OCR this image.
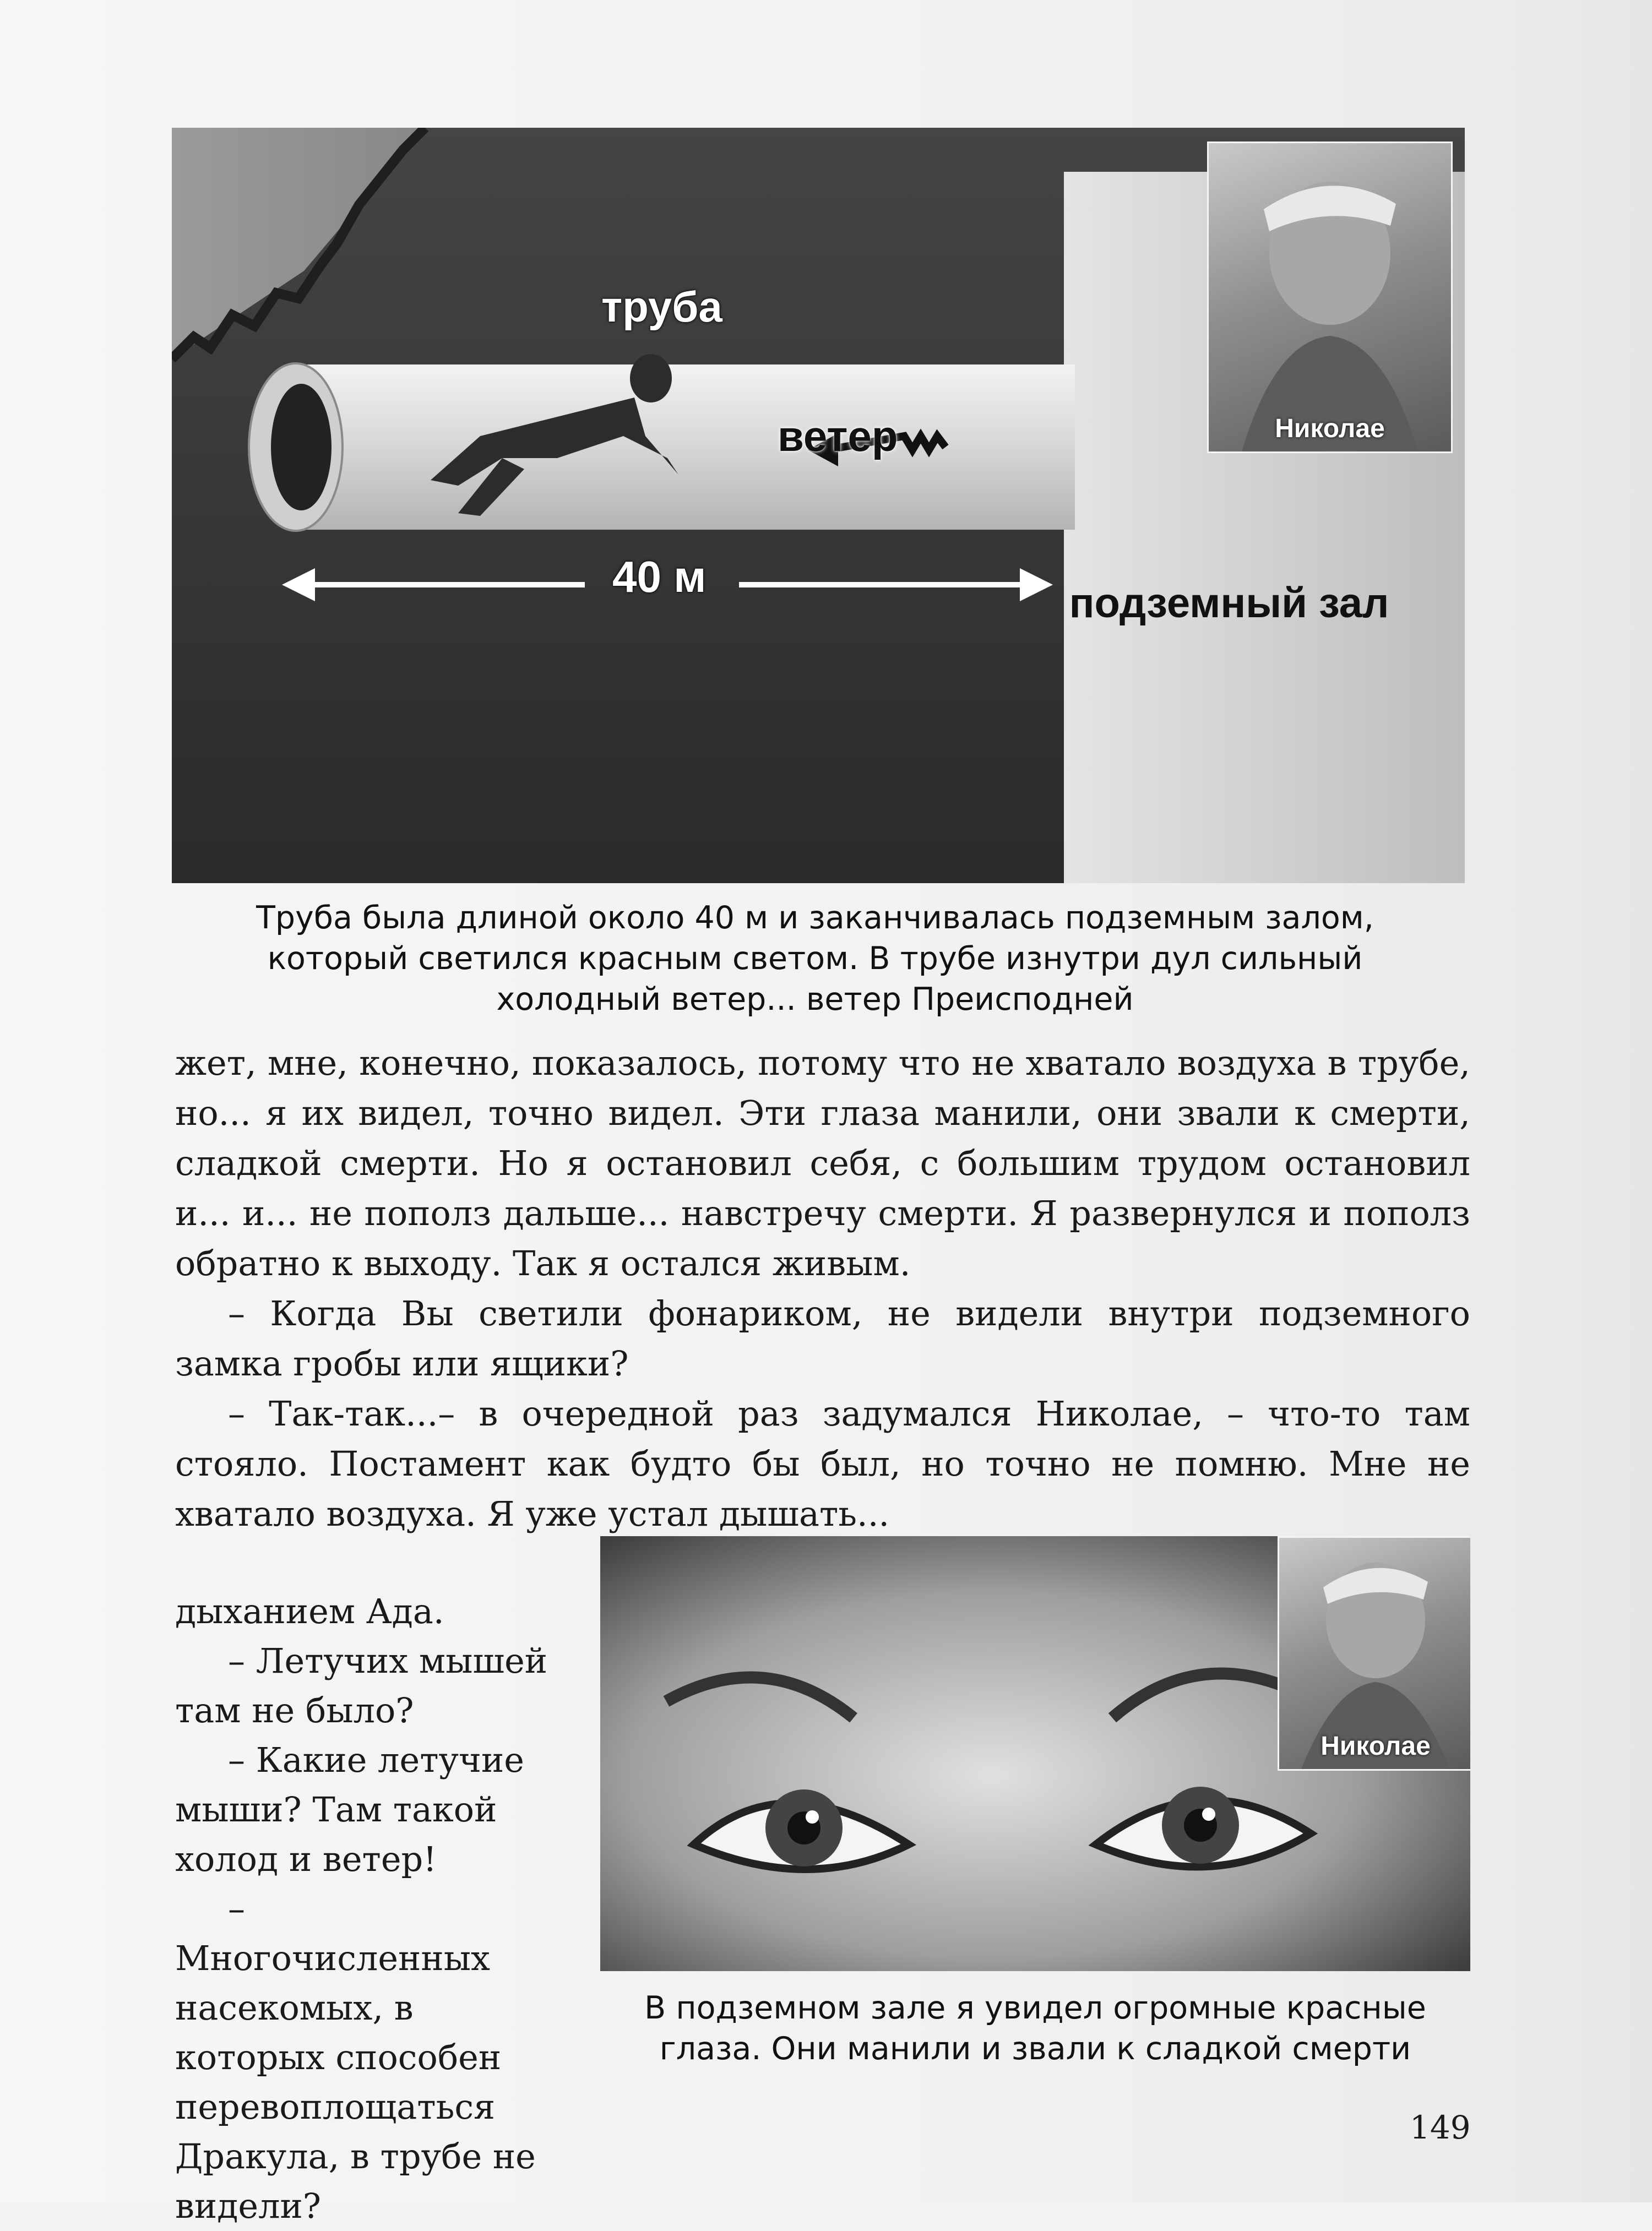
труба
ветер
40 м
подземный зал
Николае
Труба была длиной около 40 м и заканчивалась подземным залом, который светился красным светом. В трубе изнутри дул сильный холодный ветер... ветер Преисподней

жет, мне, конечно, показалось, потому что не хватало воздуха в трубе, но... я их видел, точно видел. Эти глаза манили, они звали к смерти, сладкой смерти. Но я остановил себя, с большим трудом остановил и... и... не пополз дальше... навстречу смерти. Я развернулся и пополз обратно к выходу. Так я остался живым.

– Когда Вы светили фонариком, не видели внутри подземного замка гробы или ящики?

– Так-так...– в очередной раз задумался Николае, – что-то там стояло. Постамент как будто бы был, но точно не помню. Мне не хватало воздуха. Я уже устал дышать...

дыханием Ада.

– Летучих мышей там не было?

– Какие летучие мыши? Там такой холод и ветер!

– Многочисленных насекомых, в которых способен перевоплощаться Дракула, в трубе не видели?

Николае
В подземном зале я увидел огромные красные глаза. Они манили и звали к сладкой смерти
149
